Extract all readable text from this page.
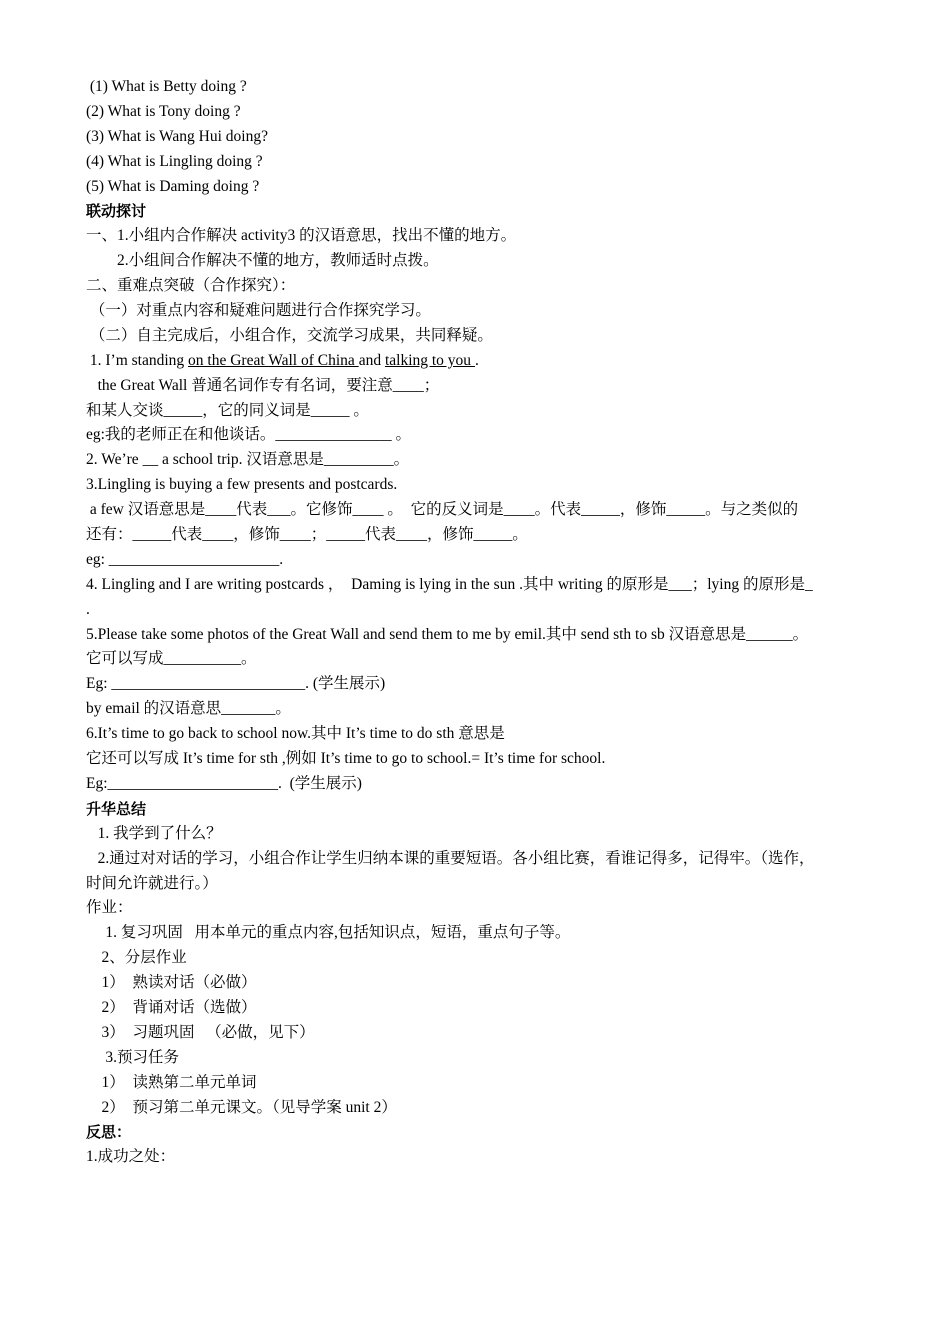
(1) What is Betty doing ?
(2) What is Tony doing ?
(3) What is Wang Hui doing?
(4) What is Lingling doing ?
(5) What is Daming doing ?
联动探讨
一、1.小组内合作解决 activity3 的汉语意思，找出不懂的地方。
2.小组间合作解决不懂的地方，教师适时点拨。
二、重难点突破（合作探究）：
（一）对重点内容和疑难问题进行合作探究学习。
（二）自主完成后，小组合作，交流学习成果，共同释疑。
1. I’m standing on the Great Wall of China and talking to you .
the Great Wall 普通名词作专有名词，要注意____；
和某人交谈_____，它的同义词是_____ 。
eg:我的老师正在和他谈话。_______________ 。
2. We’re __ a school trip. 汉语意思是_________。
3.Lingling is buying a few presents and postcards.
a few 汉语意思是____代表___。它修饰____ 。  它的反义词是____。代表_____，修饰_____。与之类似的
还有：_____代表____，修饰____；_____代表____，修饰_____。
eg: ______________________.
4. Lingling and I are writing postcards ，  Daming is lying in the sun .其中 writing 的原形是___；lying 的原形是_
.
5.Please take some photos of the Great Wall and send them to me by emil.其中 send sth to sb 汉语意思是______。
它可以写成__________。
Eg: _________________________. (学生展示)
by email 的汉语意思_______。
6.It’s time to go back to school now.其中 It’s time to do sth 意思是
它还可以写成 It’s time for sth ,例如 It’s time to go to school.= It’s time for school.
Eg:______________________.  (学生展示)
升华总结
1. 我学到了什么？
2.通过对对话的学习，小组合作让学生归纳本课的重要短语。各小组比赛，看谁记得多，记得牢。（选作，
时间允许就进行。）
作业：
1. 复习巩固   用本单元的重点内容,包括知识点，短语，重点句子等。
2、分层作业
1）  熟读对话（必做）
2）  背诵对话（选做）
3）  习题巩固   （必做，见下）
3.预习任务
1）  读熟第二单元单词
2）  预习第二单元课文。（见导学案 unit 2）
反思：
1.成功之处：
